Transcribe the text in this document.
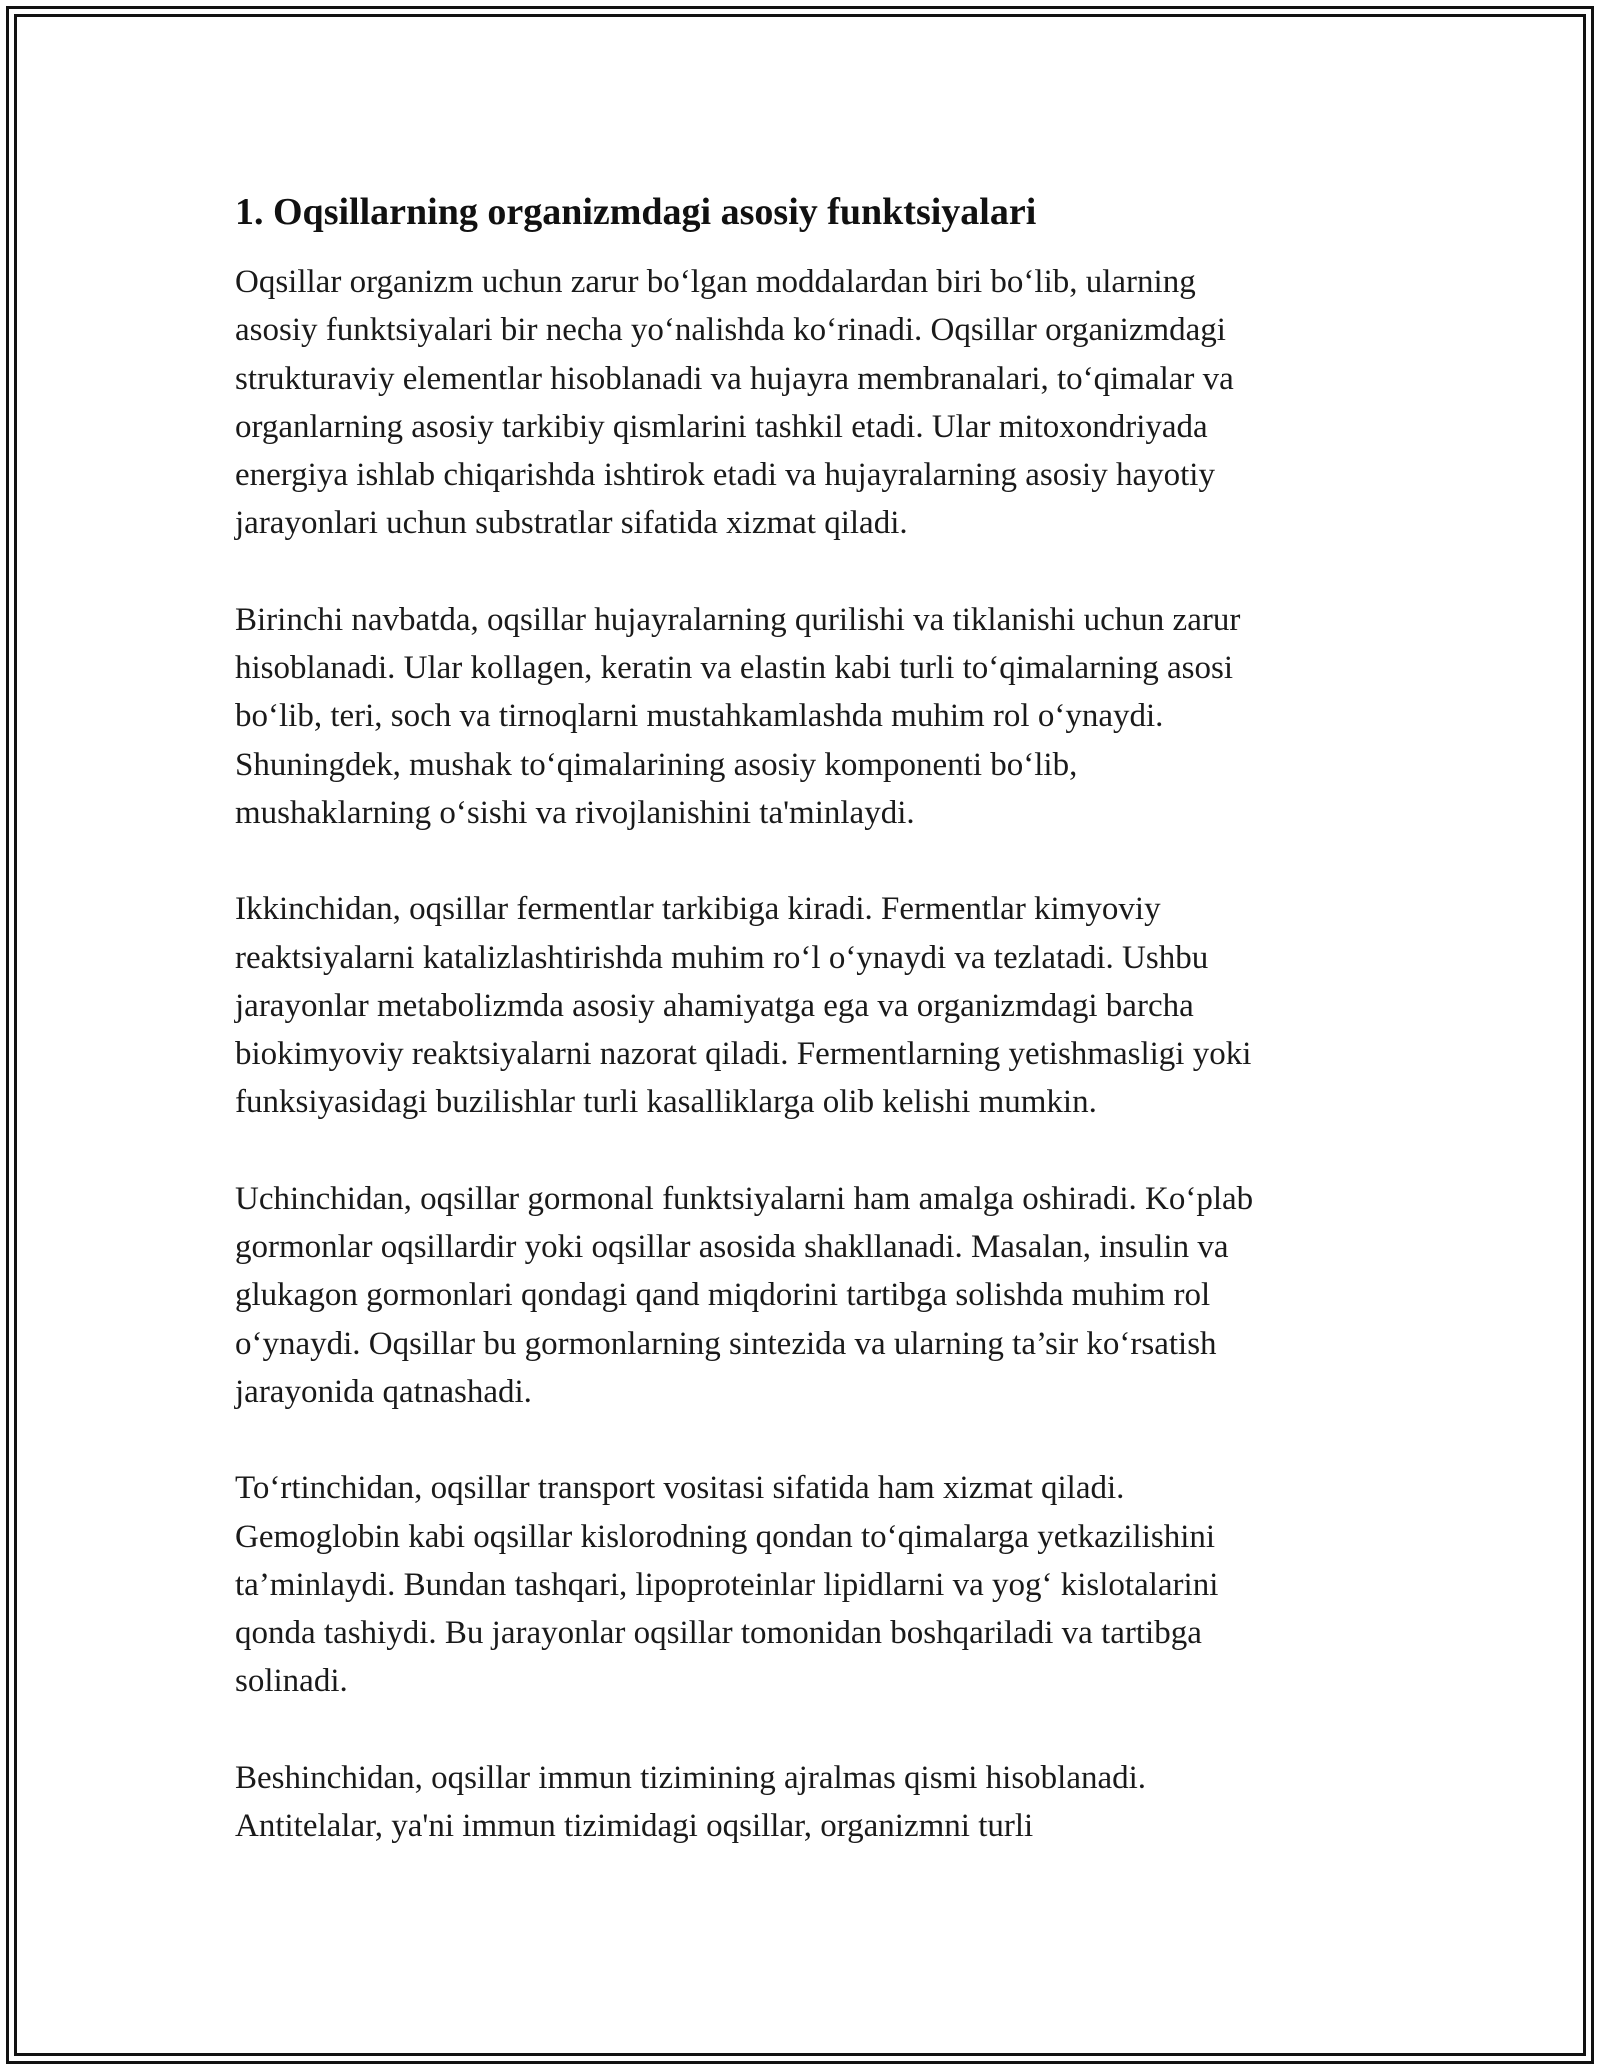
1. Oqsillarning organizmdagi asosiy funktsiyalari

Oqsillar organizm uchun zarur bo‘lgan moddalardan biri bo‘lib, ularning
asosiy funktsiyalari bir necha yo‘nalishda ko‘rinadi. Oqsillar organizmdagi
strukturaviy elementlar hisoblanadi va hujayra membranalari, to‘qimalar va
organlarning asosiy tarkibiy qismlarini tashkil etadi. Ular mitoxondriyada
energiya ishlab chiqarishda ishtirok etadi va hujayralarning asosiy hayotiy
jarayonlari uchun substratlar sifatida xizmat qiladi.

Birinchi navbatda, oqsillar hujayralarning qurilishi va tiklanishi uchun zarur
hisoblanadi. Ular kollagen, keratin va elastin kabi turli to‘qimalarning asosi
bo‘lib, teri, soch va tirnoqlarni mustahkamlashda muhim rol o‘ynaydi.
Shuningdek, mushak to‘qimalarining asosiy komponenti bo‘lib,
mushaklarning o‘sishi va rivojlanishini ta'minlaydi.

Ikkinchidan, oqsillar fermentlar tarkibiga kiradi. Fermentlar kimyoviy
reaktsiyalarni katalizlashtirishda muhim ro‘l o‘ynaydi va tezlatadi. Ushbu
jarayonlar metabolizmda asosiy ahamiyatga ega va organizmdagi barcha
biokimyoviy reaktsiyalarni nazorat qiladi. Fermentlarning yetishmasligi yoki
funksiyasidagi buzilishlar turli kasalliklarga olib kelishi mumkin.

Uchinchidan, oqsillar gormonal funktsiyalarni ham amalga oshiradi. Ko‘plab
gormonlar oqsillardir yoki oqsillar asosida shakllanadi. Masalan, insulin va
glukagon gormonlari qondagi qand miqdorini tartibga solishda muhim rol
o‘ynaydi. Oqsillar bu gormonlarning sintezida va ularning ta’sir ko‘rsatish
jarayonida qatnashadi.

To‘rtinchidan, oqsillar transport vositasi sifatida ham xizmat qiladi.
Gemoglobin kabi oqsillar kislorodning qondan to‘qimalarga yetkazilishini
ta’minlaydi. Bundan tashqari, lipoproteinlar lipidlarni va yog‘ kislotalarini
qonda tashiydi. Bu jarayonlar oqsillar tomonidan boshqariladi va tartibga
solinadi.

Beshinchidan, oqsillar immun tizimining ajralmas qismi hisoblanadi.
Antitelalar, ya'ni immun tizimidagi oqsillar, organizmni turli
